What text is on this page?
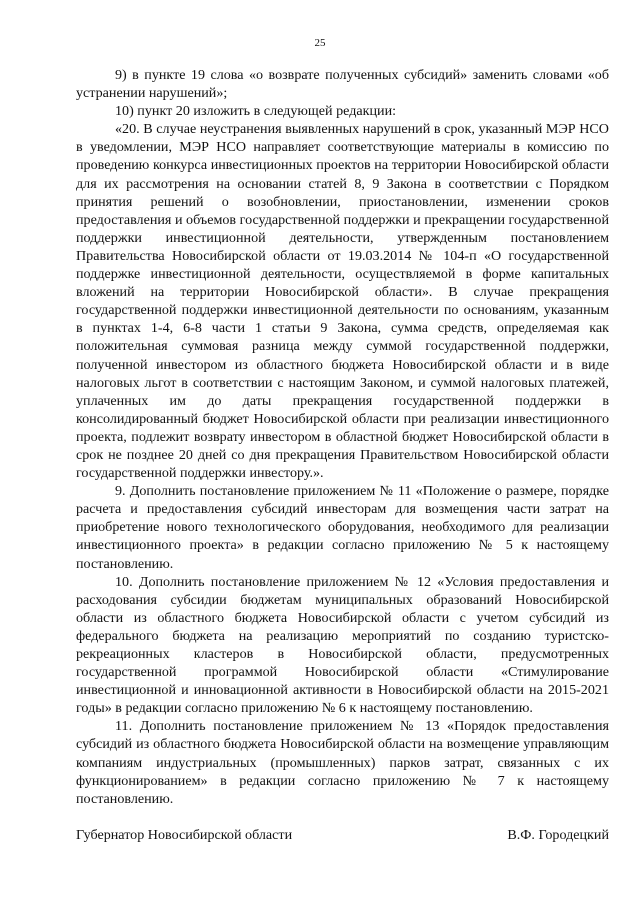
25

9) в пункте 19 слова «о возврате полученных субсидий» заменить словами «об устранении нарушений»;

10) пункт 20 изложить в следующей редакции:

«20. В случае неустранения выявленных нарушений в срок, указанный МЭР НСО в уведомлении, МЭР НСО направляет соответствующие материалы в комиссию по проведению конкурса инвестиционных проектов на территории Новосибирской области для их рассмотрения на основании статей 8, 9 Закона в соответствии с Порядком принятия решений о возобновлении, приостановлении, изменении сроков предоставления и объемов государственной поддержки и прекращении государственной поддержки инвестиционной деятельности, утвержденным постановлением Правительства Новосибирской области от 19.03.2014 № 104-п «О государственной поддержке инвестиционной деятельности, осуществляемой в форме капитальных вложений на территории Новосибирской области». В случае прекращения государственной поддержки инвестиционной деятельности по основаниям, указанным в пунктах 1-4, 6-8 части 1 статьи 9 Закона, сумма средств, определяемая как положительная суммовая разница между суммой государственной поддержки, полученной инвестором из областного бюджета Новосибирской области и в виде налоговых льгот в соответствии с настоящим Законом, и суммой налоговых платежей, уплаченных им до даты прекращения государственной поддержки в консолидированный бюджет Новосибирской области при реализации инвестиционного проекта, подлежит возврату инвестором в областной бюджет Новосибирской области в срок не позднее 20 дней со дня прекращения Правительством Новосибирской области государственной поддержки инвестору.».

9. Дополнить постановление приложением № 11 «Положение о размере, порядке расчета и предоставления субсидий инвесторам для возмещения части затрат на приобретение нового технологического оборудования, необходимого для реализации инвестиционного проекта» в редакции согласно приложению № 5 к настоящему постановлению.

10. Дополнить постановление приложением № 12 «Условия предоставления и расходования субсидии бюджетам муниципальных образований Новосибирской области из областного бюджета Новосибирской области с учетом субсидий из федерального бюджета на реализацию мероприятий по созданию туристско-рекреационных кластеров в Новосибирской области, предусмотренных государственной программой Новосибирской области «Стимулирование инвестиционной и инновационной активности в Новосибирской области на 2015-2021 годы» в редакции согласно приложению № 6 к настоящему постановлению.

11. Дополнить постановление приложением № 13 «Порядок предоставления субсидий из областного бюджета Новосибирской области на возмещение управляющим компаниям индустриальных (промышленных) парков затрат, связанных с их функционированием» в редакции согласно приложению № 7 к настоящему постановлению.

Губернатор Новосибирской области	В.Ф. Городецкий
